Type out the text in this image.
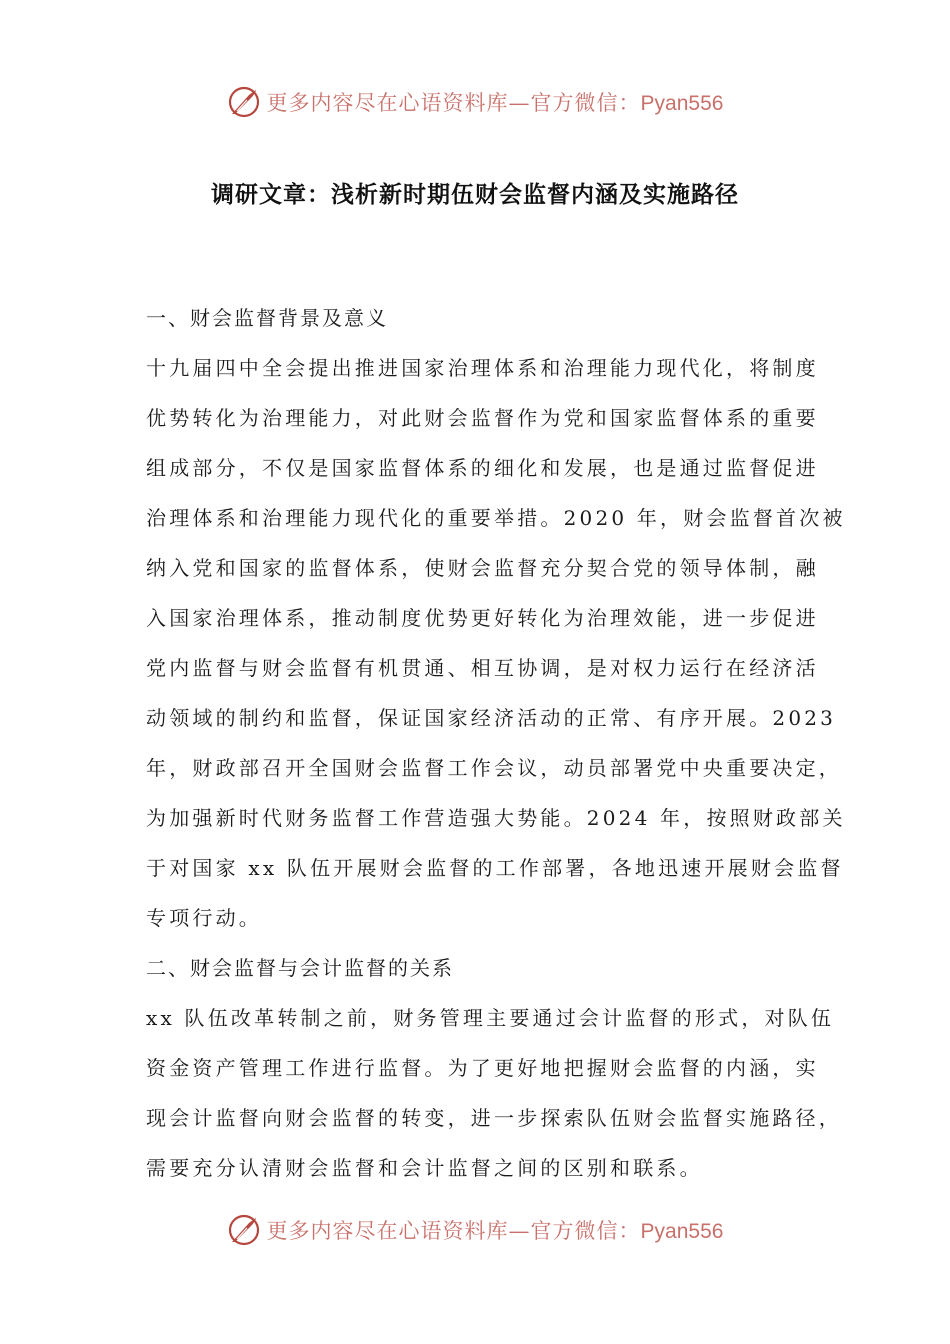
更多内容尽在心语资料库—官方微信：Pyan556
调研文章：浅析新时期伍财会监督内涵及实施路径
一、财会监督背景及意义
十九届四中全会提出推进国家治理体系和治理能力现代化，将制度
优势转化为治理能力，对此财会监督作为党和国家监督体系的重要
组成部分，不仅是国家监督体系的细化和发展，也是通过监督促进
治理体系和治理能力现代化的重要举措。2020 年，财会监督首次被
纳入党和国家的监督体系，使财会监督充分契合党的领导体制，融
入国家治理体系，推动制度优势更好转化为治理效能，进一步促进
党内监督与财会监督有机贯通、相互协调，是对权力运行在经济活
动领域的制约和监督，保证国家经济活动的正常、有序开展。2023
年，财政部召开全国财会监督工作会议，动员部署党中央重要决定，
为加强新时代财务监督工作营造强大势能。2024 年，按照财政部关
于对国家 xx 队伍开展财会监督的工作部署，各地迅速开展财会监督
专项行动。
二、财会监督与会计监督的关系
xx 队伍改革转制之前，财务管理主要通过会计监督的形式，对队伍
资金资产管理工作进行监督。为了更好地把握财会监督的内涵，实
现会计监督向财会监督的转变，进一步探索队伍财会监督实施路径，
需要充分认清财会监督和会计监督之间的区别和联系。
更多内容尽在心语资料库—官方微信：Pyan556
